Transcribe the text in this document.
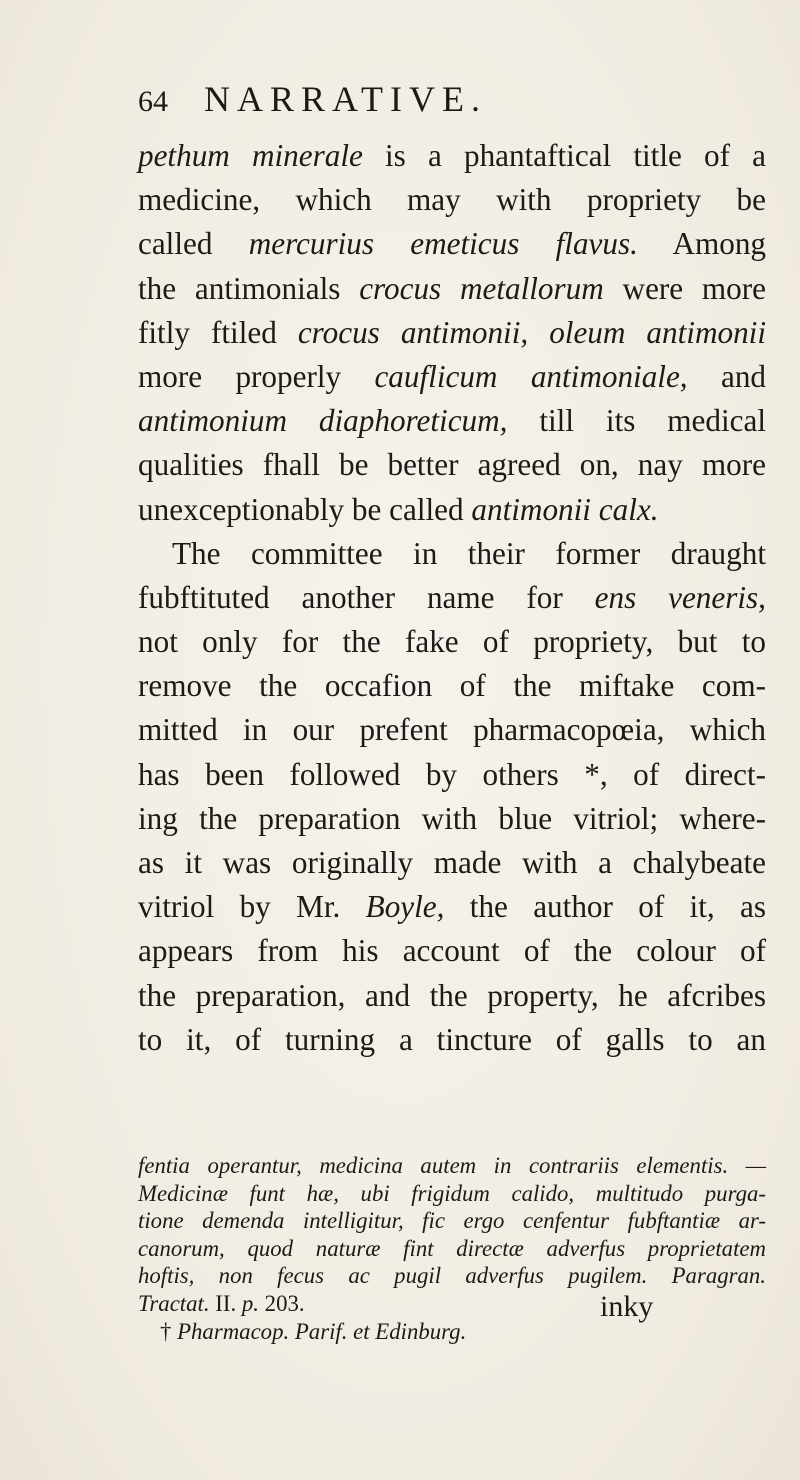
64 NARRATIVE.
pethum minerale is a phantaftical title of a
medicine, which may with propriety be
called mercurius emeticus flavus. Among
the antimonials crocus metallorum were more
fitly ftiled crocus antimonii, oleum antimonii
more properly cauflicum antimoniale, and
antimonium diaphoreticum, till its medical
qualities fhall be better agreed on, nay more
unexceptionably be called antimonii calx.
The committee in their former draught
fubftituted another name for ens veneris,
not only for the fake of propriety, but to
remove the occafion of the miftake com-
mitted in our prefent pharmacopœia, which
has been followed by others *, of direct-
ing the preparation with blue vitriol; where-
as it was originally made with a chalybeate
vitriol by Mr. Boyle, the author of it, as
appears from his account of the colour of
the preparation, and the property, he afcribes
to it, of turning a tincture of galls to an
fentia operantur, medicina autem in contrariis elementis. —
Medicinæ funt hæ, ubi frigidum calido, multitudo purga-
tione demenda intelligitur, fic ergo cenfentur fubftantiæ ar-
canorum, quod naturæ fint directæ adverfus proprietatem
hoftis, non fecus ac pugil adverfus pugilem. Paragran.
Tractat. II. p. 203.
† Pharmacop. Parif. et Edinburg.
inky
